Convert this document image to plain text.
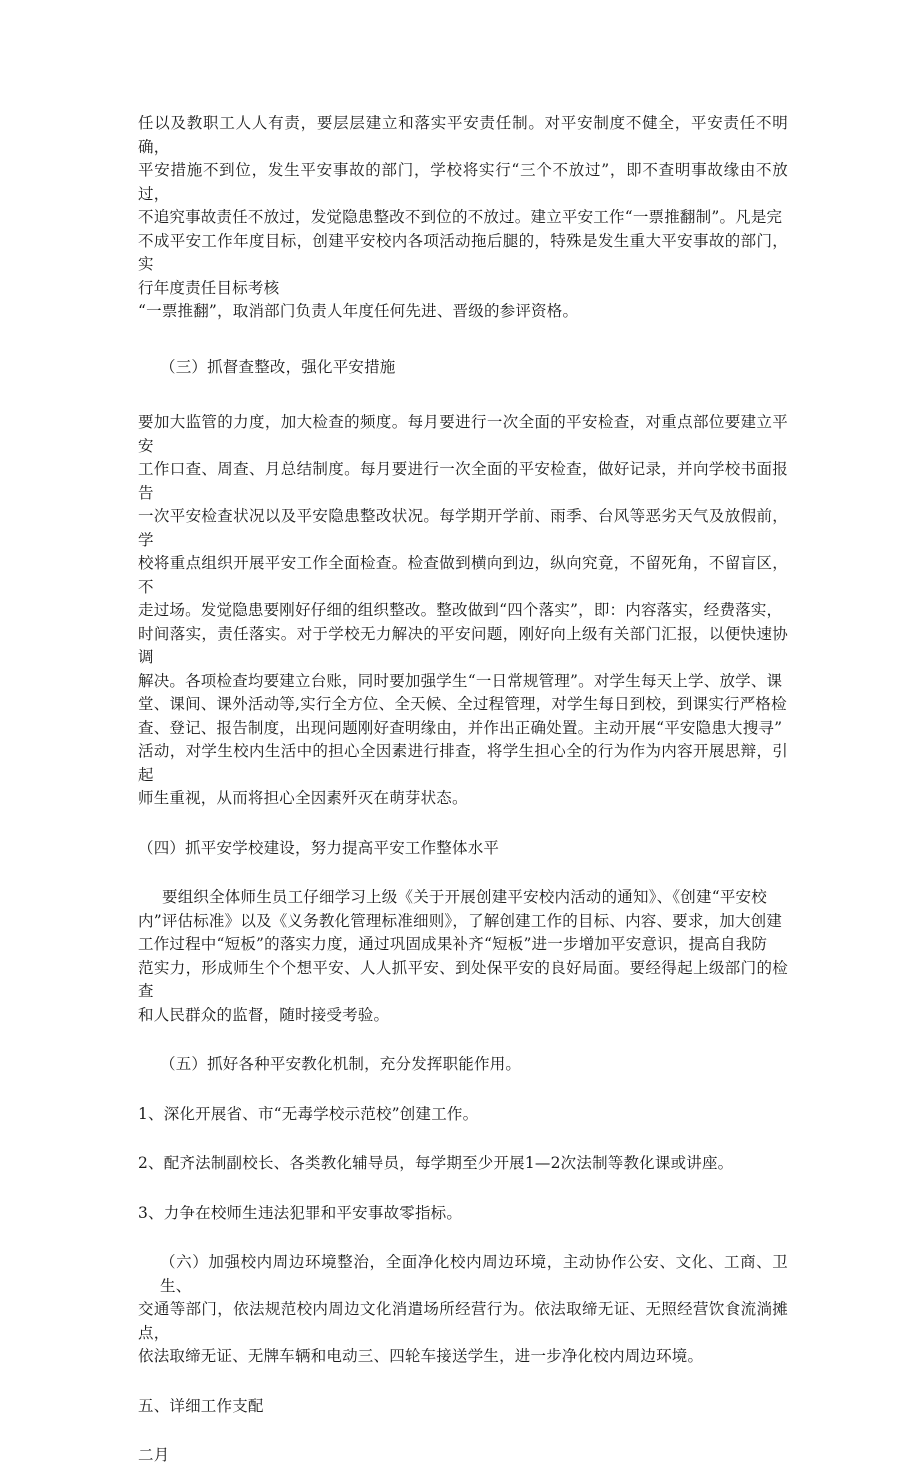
任以及教职工人人有责，要层层建立和落实平安责任制。对平安制度不健全，平安责任不明确，
平安措施不到位，发生平安事故的部门，学校将实行“三个不放过”，即不查明事故缘由不放过，
不追究事故责任不放过，发觉隐患整改不到位的不放过。建立平安工作“一票推翻制”。凡是完
不成平安工作年度目标，创建平安校内各项活动拖后腿的，特殊是发生重大平安事故的部门，实
行年度责任目标考核
“一票推翻”，取消部门负责人年度任何先进、晋级的参评资格。

（三）抓督查整改，强化平安措施

要加大监管的力度，加大检查的频度。每月要进行一次全面的平安检查，对重点部位要建立平安
工作口查、周查、月总结制度。每月要进行一次全面的平安检查，做好记录，并向学校书面报告
一次平安检查状况以及平安隐患整改状况。每学期开学前、雨季、台风等恶劣天气及放假前，学
校将重点组织开展平安工作全面检查。检查做到横向到边，纵向究竟，不留死角，不留盲区，不
走过场。发觉隐患要刚好仔细的组织整改。整改做到“四个落实”，即：内容落实，经费落实，
时间落实，责任落实。对于学校无力解决的平安问题，刚好向上级有关部门汇报，以便快速协调
解决。各项检查均要建立台账，同时要加强学生“一日常规管理”。对学生每天上学、放学、课
堂、课间、课外活动等,实行全方位、全天候、全过程管理，对学生每日到校，到课实行严格检
查、登记、报告制度，出现问题刚好查明缘由，并作出正确处置。主动开展“平安隐患大搜寻”
活动，对学生校内生活中的担心全因素进行排查，将学生担心全的行为作为内容开展思辩，引起
师生重视，从而将担心全因素歼灭在萌芽状态。

（四）抓平安学校建设，努力提高平安工作整体水平

要组织全体师生员工仔细学习上级《关于开展创建平安校内活动的通知》、《创建“平安校
内”评估标准》以及《义务教化管理标准细则》，了解创建工作的目标、内容、要求，加大创建
工作过程中“短板”的落实力度，通过巩固成果补齐“短板”进一步增加平安意识，提高自我防
范实力，形成师生个个想平安、人人抓平安、到处保平安的良好局面。要经得起上级部门的检查
和人民群众的监督，随时接受考验。

（五）抓好各种平安教化机制，充分发挥职能作用。

1、深化开展省、市“无毒学校示范校”创建工作。

2、配齐法制副校长、各类教化辅导员，每学期至少开展1—2次法制等教化课或讲座。

3、力争在校师生违法犯罪和平安事故零指标。

（六）加强校内周边环境整治，全面净化校内周边环境，主动协作公安、文化、工商、卫生、
交通等部门，依法规范校内周边文化消遣场所经营行为。依法取缔无证、无照经营饮食流淌摊点，
依法取缔无证、无牌车辆和电动三、四轮车接送学生，进一步净化校内周边环境。

五、详细工作支配

二月
